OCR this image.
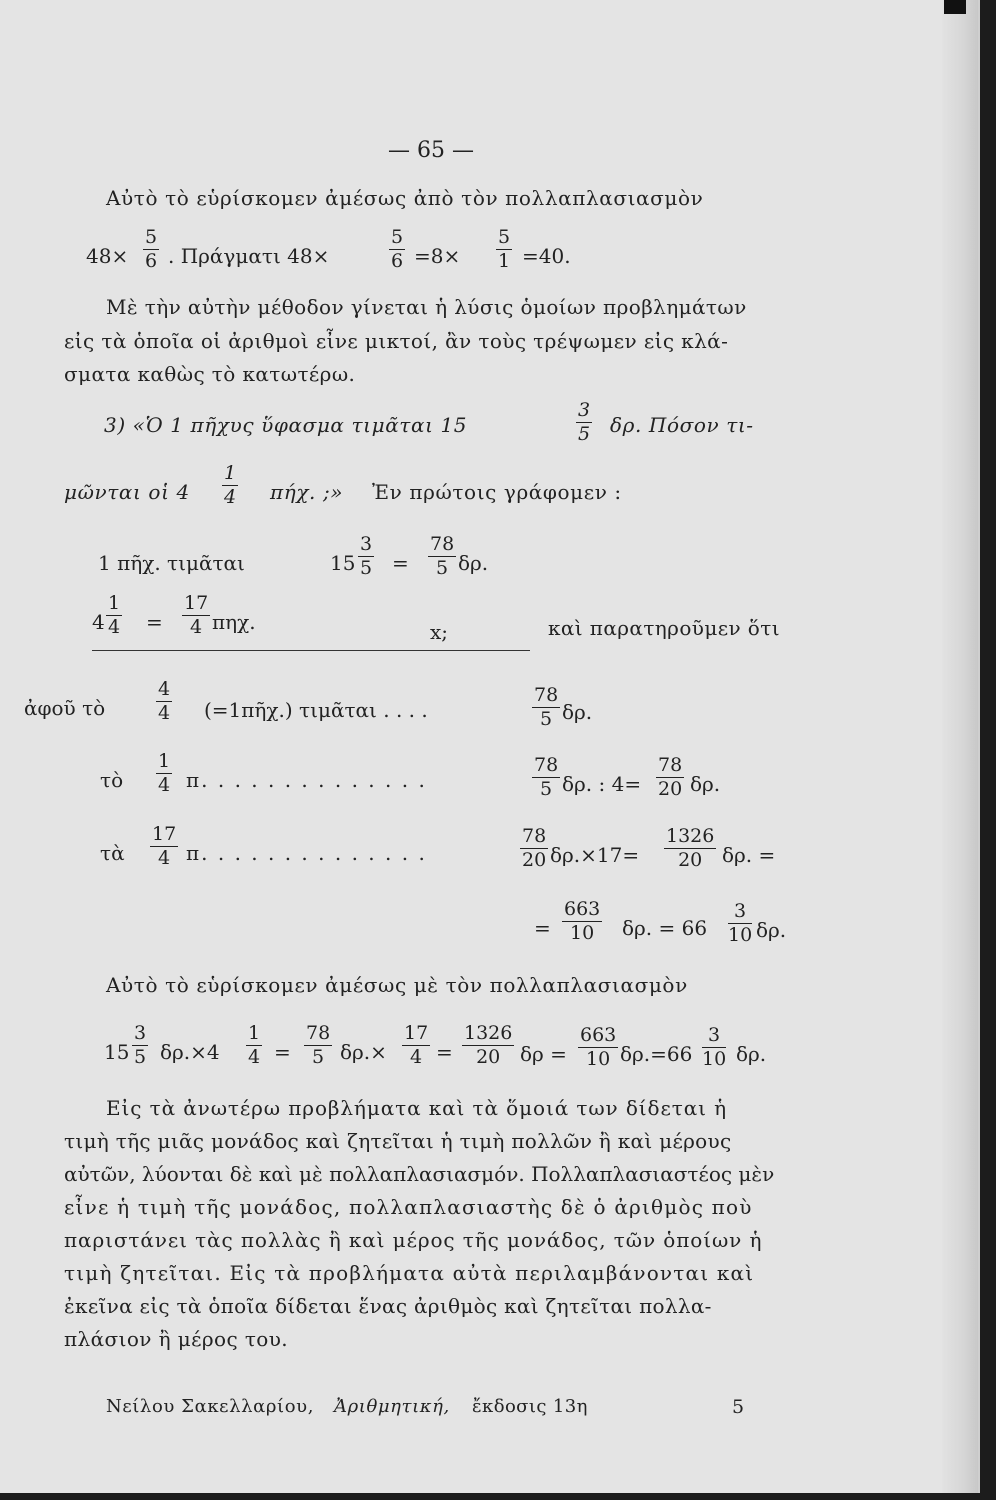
— 65 —
Αὐτὸ τὸ εὑρίσκομεν ἀμέσως ἀπὸ τὸν πολλαπλασιασμὸν
$48\times \frac{5}{6}$ . Πράγματι 48×	$\frac{5}{6} =8\times \frac{5}{1} =40$.
Μὲ τὴν αὐτὴν μέθοδον γίνεται ἡ λύσις ὁμοίων προβλημάτων
εἰς τὰ ὁποῖα οἱ ἀριθμοὶ εἶνε μικτοί, ἂν τοὺς τρέψωμεν εἰς κλά-
σματα καθὼς τὸ κατωτέρω.
3) «Ὁ 1 πῆχυς ὕφασμα τιμᾶται 15	$\frac{3}{5} \delta\rho$. Πόσον τι-
μῶνται οἱ $4 \frac{1}{4} \pi ή\chi$. ;» Ἐν πρώτοις γράφομεν :
1 πῆχ. τιμᾶται	$15 \frac{3}{5} = \frac{78}{5} \delta\rho$.
$4 \frac{1}{4} = \frac{17}{4} \pi\eta\chi$.	x;	καὶ παρατηροῦμεν ὅτι
ἀφοῦ τὸ	$\frac{4}{4}$ (=1πῆχ.) τιμᾶται . . . .	$\frac{78}{5} \delta\rho$.
τὸ $\frac{1}{4} \pi$. . . . . . . . . . . . . .	$\frac{78}{5} \delta\rho$. : $4= \frac{78}{20} \delta\rho$.
τὰ $\frac{17}{4} \pi$. . . . . . . . . . . . . .	$\frac{78}{20} \delta\rho.\times 17= \frac{1326}{20} \delta\rho$. =
= $\frac{663}{10} \delta\rho$. = $66 \frac{3}{10} \delta\rho$.
Αὐτὸ τὸ εὑρίσκομεν ἀμέσως μὲ τὸν πολλαπλασιασμὸν
$15 \frac{3}{5} \delta\rho.\times 4 \frac{1}{4} = \frac{78}{5} \delta\rho.\times \frac{17}{4} = \frac{1326}{20}$ $\delta\rho = \frac{663}{10} \delta\rho.=66 \frac{3}{10} \delta\rho$.
Εἰς τὰ ἀνωτέρω προβλήματα καὶ τὰ ὅμοιά των δίδεται ἡ
τιμὴ τῆς μιᾶς μονάδος καὶ ζητεῖται ἡ τιμὴ πολλῶν ἢ καὶ μέρους
αὐτῶν, λύονται δὲ καὶ μὲ πολλαπλασιασμόν. Πολλαπλασιαστέος μὲν
εἶνε ἡ τιμὴ τῆς μονάδος, πολλαπλασιαστὴς δὲ ὁ ἀριθμὸς ποὺ
παριστάνει τὰς πολλὰς ἢ καὶ μέρος τῆς μονάδος, τῶν ὁποίων ἡ
τιμὴ ζητεῖται. Εἰς τὰ προβλήματα αὐτὰ περιλαμβάνονται καὶ
ἐκεῖνα εἰς τὰ ὁποῖα δίδεται ἕνας ἀριθμὸς καὶ ζητεῖται πολλα-
πλάσιον ἢ μέρος του.
Νείλου Σακελλαρίου, Ἀριθμητική, ἔκδοσις 13η	5
